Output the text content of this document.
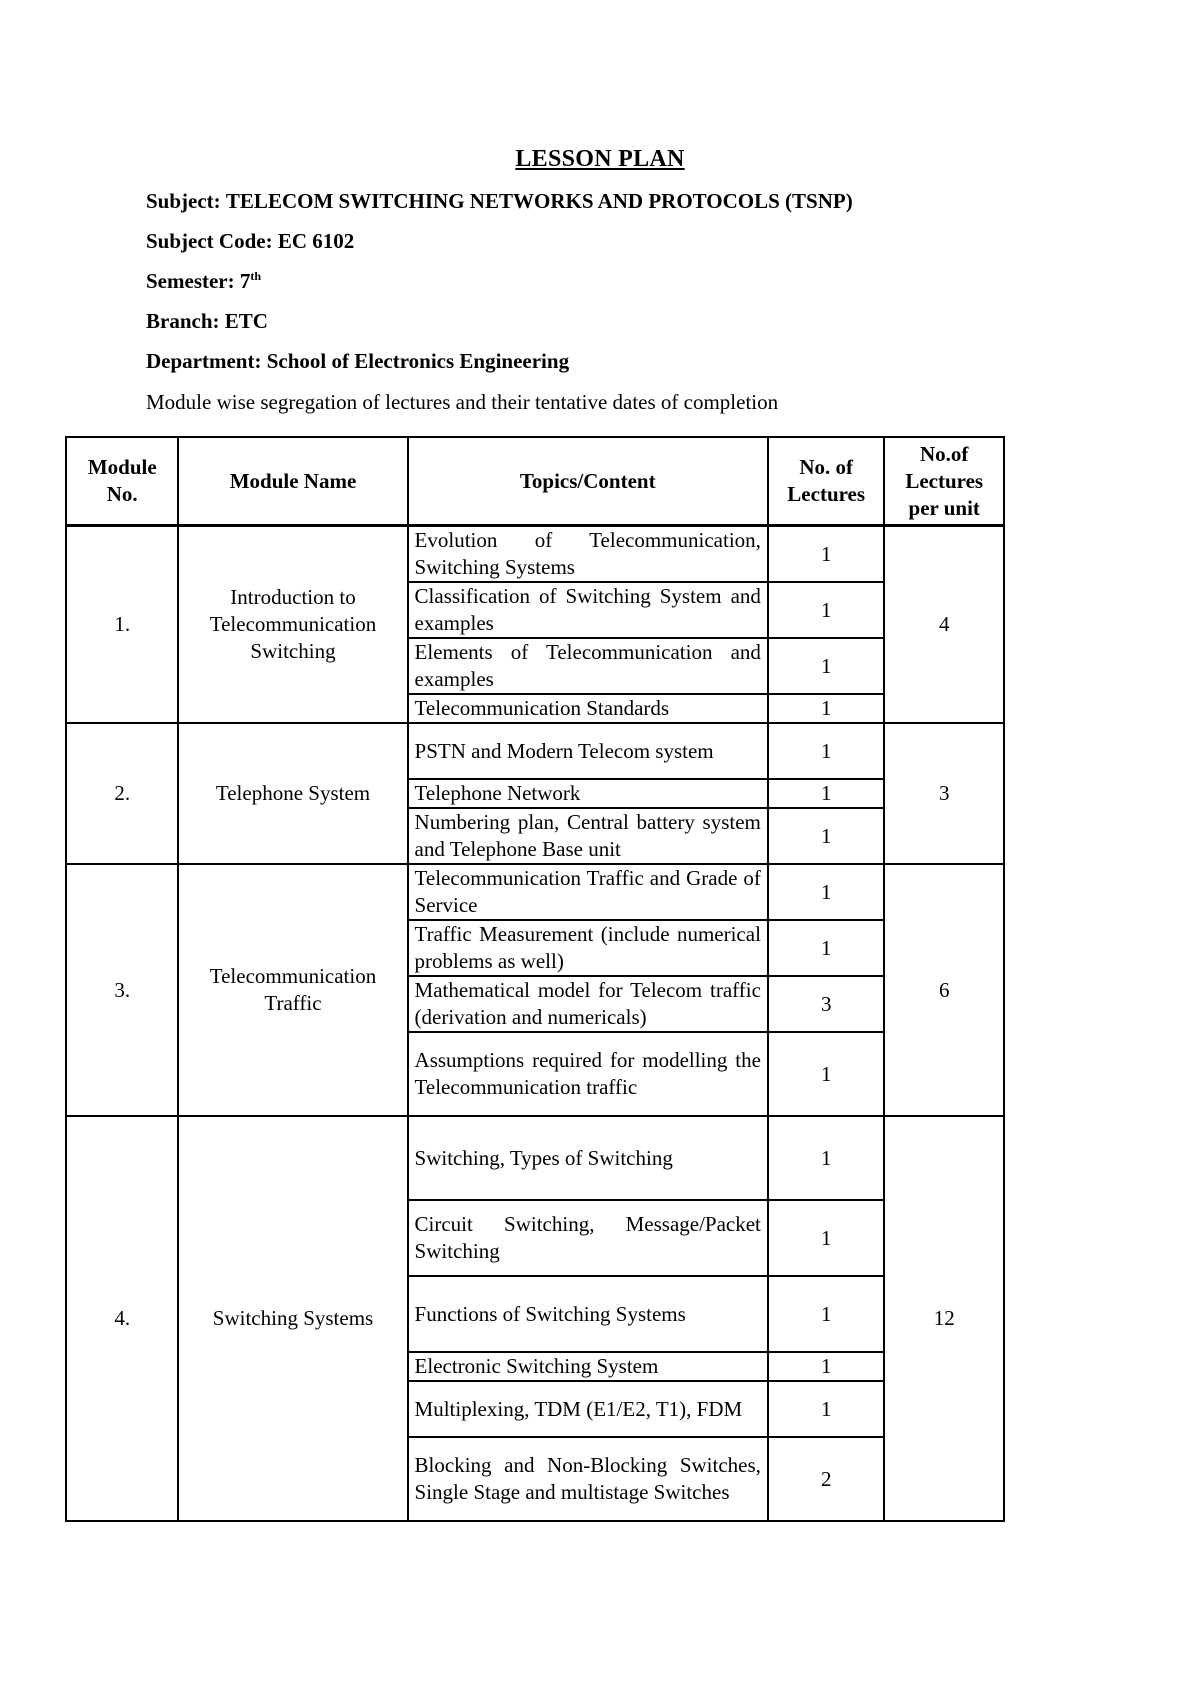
LESSON PLAN
Subject: TELECOM SWITCHING NETWORKS AND PROTOCOLS (TSNP)
Subject Code: EC 6102
Semester: 7th
Branch: ETC
Department: School of Electronics Engineering
Module wise segregation of lectures and their tentative dates of completion
Module No.	Module Name	Topics/Content	No. of Lectures	No.of Lectures per unit
1.	Introduction to Telecommunication Switching	Evolution of Telecommunication, Switching Systems	1	4
		Classification of Switching System and examples	1	
		Elements of Telecommunication and examples	1	
		Telecommunication Standards	1	
2.	Telephone System	PSTN and Modern Telecom system	1	3
		Telephone Network	1	
		Numbering plan, Central battery system and Telephone Base unit	1	
3.	Telecommunication Traffic	Telecommunication Traffic and Grade of Service	1	6
		Traffic Measurement (include numerical problems as well)	1	
		Mathematical model for Telecom traffic (derivation and numericals)	3	
		Assumptions required for modelling the Telecommunication traffic	1	
4.	Switching Systems	Switching, Types of Switching	1	12
		Circuit Switching, Message/Packet Switching	1	
		Functions of Switching Systems	1	
		Electronic Switching System	1	
		Multiplexing, TDM (E1/E2, T1), FDM	1	
		Blocking and Non-Blocking Switches, Single Stage and multistage Switches	2	
